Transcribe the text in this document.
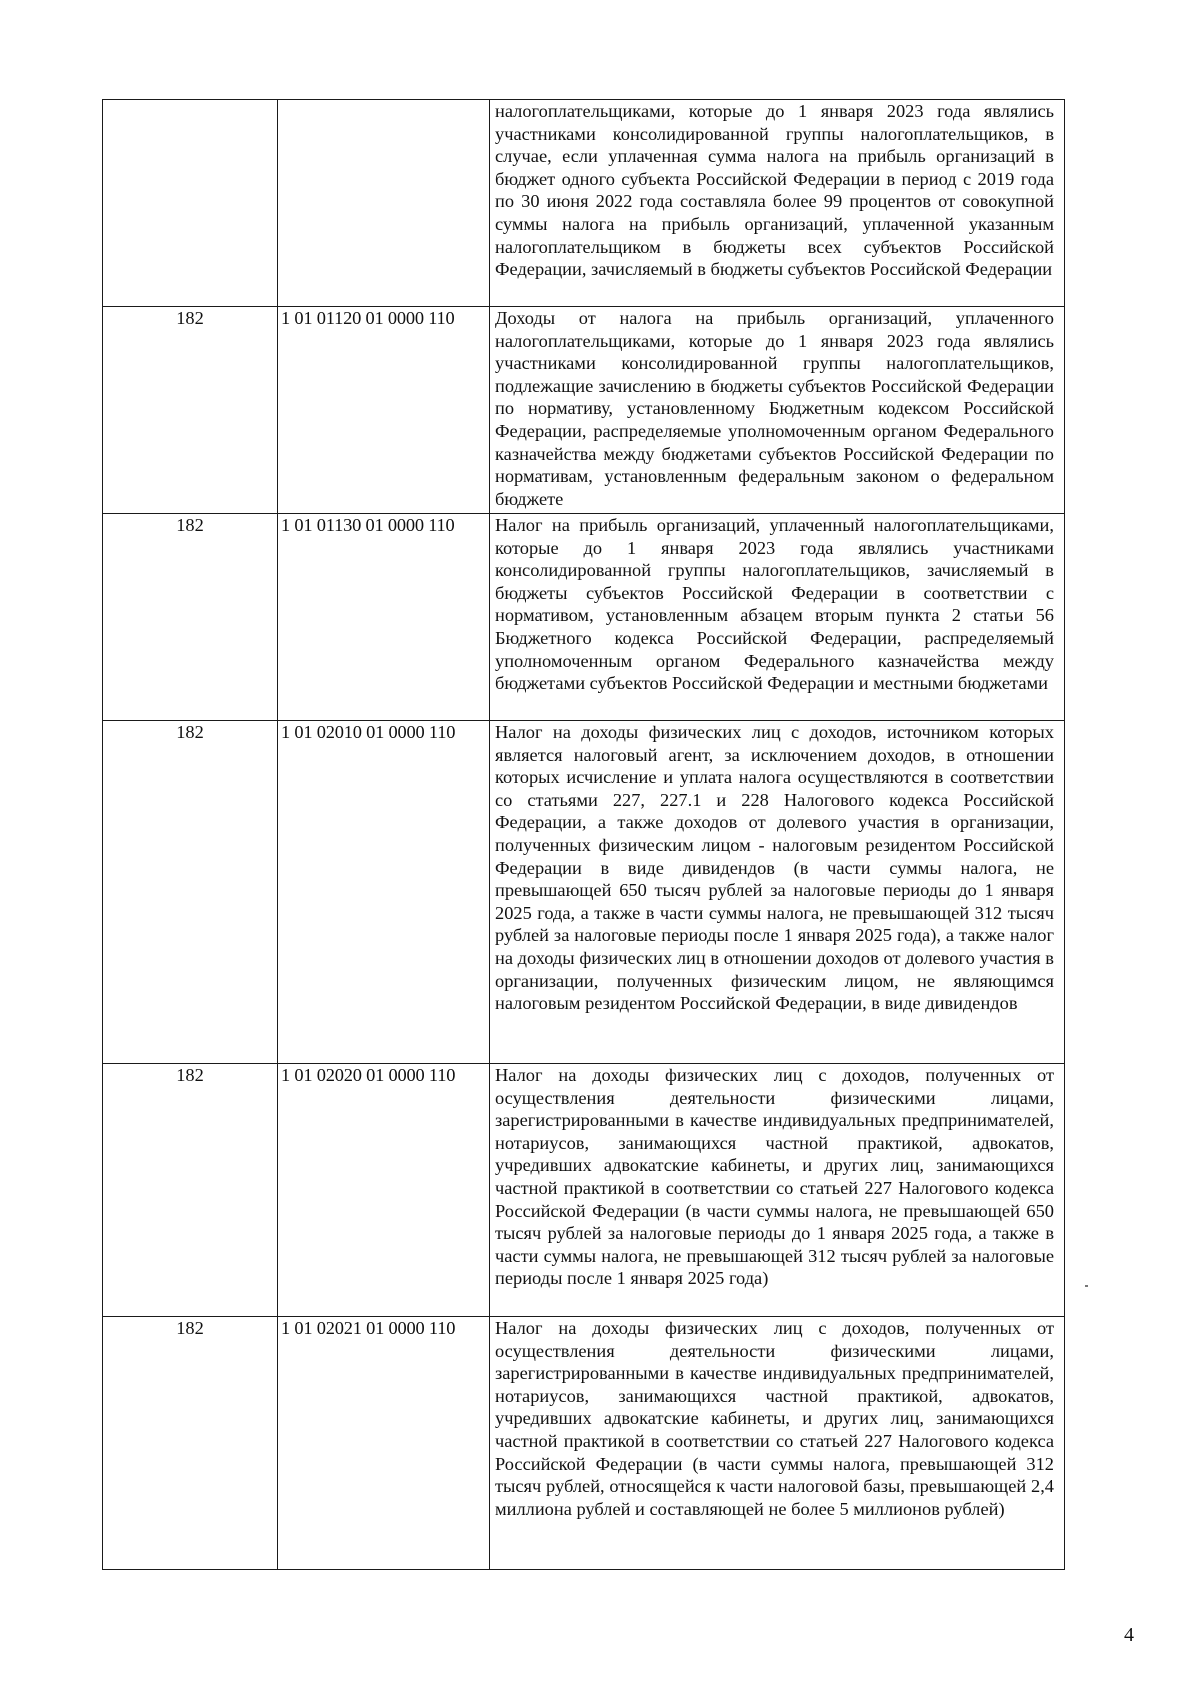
		налогоплательщиками, которые до 1 января 2023 года являлись участниками консолидированной группы налогоплательщиков, в случае, если уплаченная сумма налога на прибыль организаций в бюджет одного субъекта Российской Федерации в период с 2019 года по 30 июня 2022 года составляла более 99 процентов от совокупной суммы налога на прибыль организаций, уплаченной указанным налогоплательщиком в бюджеты всех субъектов Российской Федерации, зачисляемый в бюджеты субъектов Российской Федерации
182	1 01 01120 01 0000 110	Доходы от налога на прибыль организаций, уплаченного налогоплательщиками, которые до 1 января 2023 года являлись участниками консолидированной группы налогоплательщиков, подлежащие зачислению в бюджеты субъектов Российской Федерации по нормативу, установленному Бюджетным кодексом Российской Федерации, распределяемые уполномоченным органом Федерального казначейства между бюджетами субъектов Российской Федерации по нормативам, установленным федеральным законом о федеральном бюджете
182	1 01 01130 01 0000 110	Налог на прибыль организаций, уплаченный налогоплательщиками, которые до 1 января 2023 года являлись участниками консолидированной группы налогоплательщиков, зачисляемый в бюджеты субъектов Российской Федерации в соответствии с нормативом, установленным абзацем вторым пункта 2 статьи 56 Бюджетного кодекса Российской Федерации, распределяемый уполномоченным органом Федерального казначейства между бюджетами субъектов Российской Федерации и местными бюджетами
182	1 01 02010 01 0000 110	Налог на доходы физических лиц с доходов, источником которых является налоговый агент, за исключением доходов, в отношении которых исчисление и уплата налога осуществляются в соответствии со статьями 227, 227.1 и 228 Налогового кодекса Российской Федерации, а также доходов от долевого участия в организации, полученных физическим лицом - налоговым резидентом Российской Федерации в виде дивидендов (в части суммы налога, не превышающей 650 тысяч рублей за налоговые периоды до 1 января 2025 года, а также в части суммы налога, не превышающей 312 тысяч рублей за налоговые периоды после 1 января 2025 года), а также налог на доходы физических лиц в отношении доходов от долевого участия в организации, полученных физическим лицом, не являющимся налоговым резидентом Российской Федерации, в виде дивидендов
182	1 01 02020 01 0000 110	Налог на доходы физических лиц с доходов, полученных от осуществления деятельности физическими лицами, зарегистрированными в качестве индивидуальных предпринимателей, нотариусов, занимающихся частной практикой, адвокатов, учредивших адвокатские кабинеты, и других лиц, занимающихся частной практикой в соответствии со статьей 227 Налогового кодекса Российской Федерации (в части суммы налога, не превышающей 650 тысяч рублей за налоговые периоды до 1 января 2025 года, а также в части суммы налога, не превышающей 312 тысяч рублей за налоговые периоды после 1 января 2025 года)
182	1 01 02021 01 0000 110	Налог на доходы физических лиц с доходов, полученных от осуществления деятельности физическими лицами, зарегистрированными в качестве индивидуальных предпринимателей, нотариусов, занимающихся частной практикой, адвокатов, учредивших адвокатские кабинеты, и других лиц, занимающихся частной практикой в соответствии со статьей 227 Налогового кодекса Российской Федерации (в части суммы налога, превышающей 312 тысяч рублей, относящейся к части налоговой базы, превышающей 2,4 миллиона рублей и составляющей не более 5 миллионов рублей)
4
